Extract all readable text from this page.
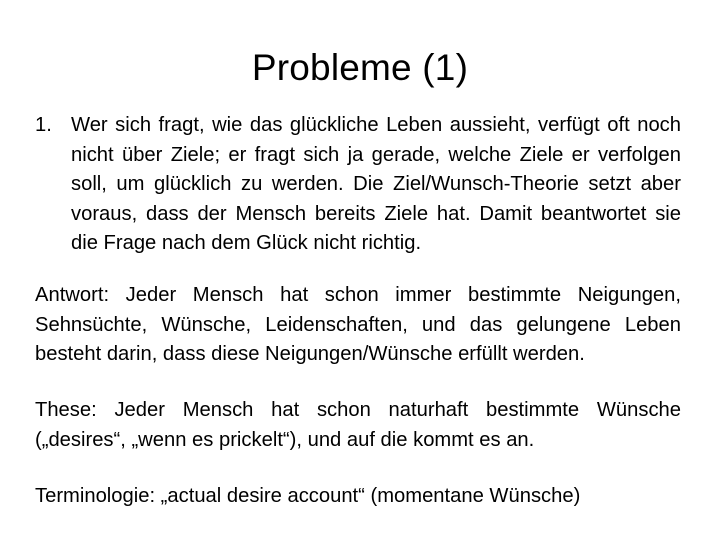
Probleme (1)
1. Wer sich fragt, wie das glückliche Leben aussieht, verfügt oft noch nicht über Ziele; er fragt sich ja gerade, welche Ziele er verfolgen soll, um glücklich zu werden. Die Ziel/Wunsch-Theorie setzt aber voraus, dass der Mensch bereits Ziele hat. Damit beantwortet sie die Frage nach dem Glück nicht richtig.
Antwort: Jeder Mensch hat schon immer bestimmte Neigungen, Sehnsüchte, Wünsche, Leidenschaften, und das gelungene Leben besteht darin, dass diese Neigungen/Wünsche erfüllt werden.
These: Jeder Mensch hat schon naturhaft bestimmte Wünsche („desires“, „wenn es prickelt“), und auf die kommt es an.
Terminologie: „actual desire account“ (momentane Wünsche)
